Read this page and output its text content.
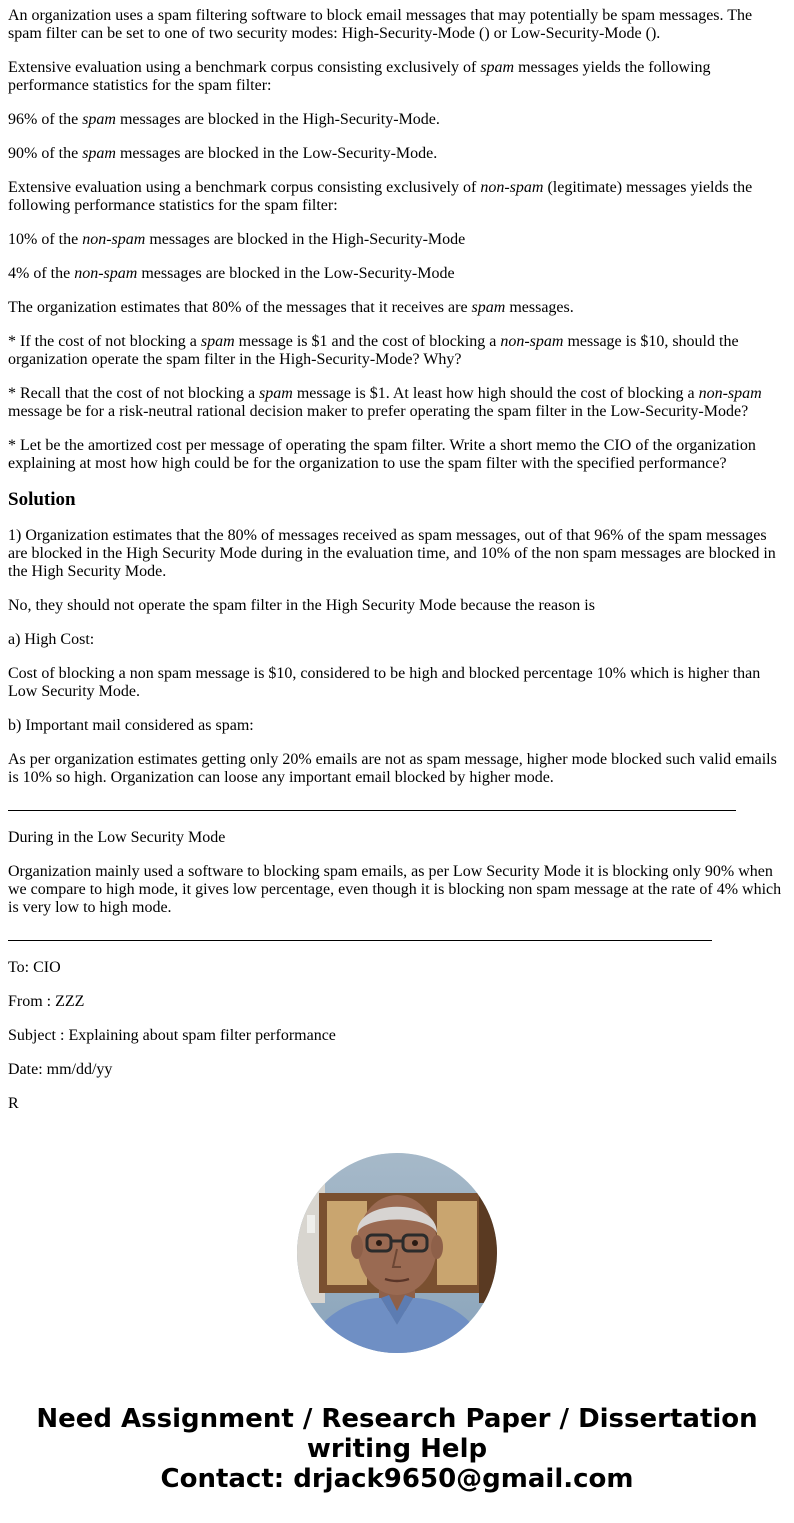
An organization uses a spam filtering software to block email messages that may potentially be spam messages. The spam filter can be set to one of two security modes: High-Security-Mode () or Low-Security-Mode ().

Extensive evaluation using a benchmark corpus consisting exclusively of spam messages yields the following performance statistics for the spam filter:

96% of the spam messages are blocked in the High-Security-Mode.

90% of the spam messages are blocked in the Low-Security-Mode.

Extensive evaluation using a benchmark corpus consisting exclusively of non-spam (legitimate) messages yields the following performance statistics for the spam filter:

10% of the non-spam messages are blocked in the High-Security-Mode

4% of the non-spam messages are blocked in the Low-Security-Mode

The organization estimates that 80% of the messages that it receives are spam messages.

* If the cost of not blocking a spam message is $1 and the cost of blocking a non-spam message is $10, should the organization operate the spam filter in the High-Security-Mode? Why?

* Recall that the cost of not blocking a spam message is $1. At least how high should the cost of blocking a non-spam message be for a risk-neutral rational decision maker to prefer operating the spam filter in the Low-Security-Mode?

* Let be the amortized cost per message of operating the spam filter. Write a short memo the CIO of the organization explaining at most how high could be for the organization to use the spam filter with the specified performance?

Solution

1) Organization estimates that the 80% of messages received as spam messages, out of that 96% of the spam messages are blocked in the High Security Mode during in the evaluation time, and 10% of the non spam messages are blocked in the High Security Mode.

No, they should not operate the spam filter in the High Security Mode because the reason is

a) High Cost:

Cost of blocking a non spam message is $10, considered to be high and blocked percentage 10% which is higher than Low Security Mode.

b) Important mail considered as spam:

As per organization estimates getting only 20% emails are not as spam message, higher mode blocked such valid emails is 10% so high. Organization can loose any important email blocked by higher mode.

During in the Low Security Mode

Organization mainly used a software to blocking spam emails, as per Low Security Mode it is blocking only 90% when we compare to high mode, it gives low percentage, even though it is blocking non spam message at the rate of 4% which is very low to high mode.

To: CIO

From : ZZZ

Subject : Explaining about spam filter performance

Date: mm/dd/yy

R

Need Assignment / Research Paper / Dissertation
writing Help
Contact: drjack9650@gmail.com
